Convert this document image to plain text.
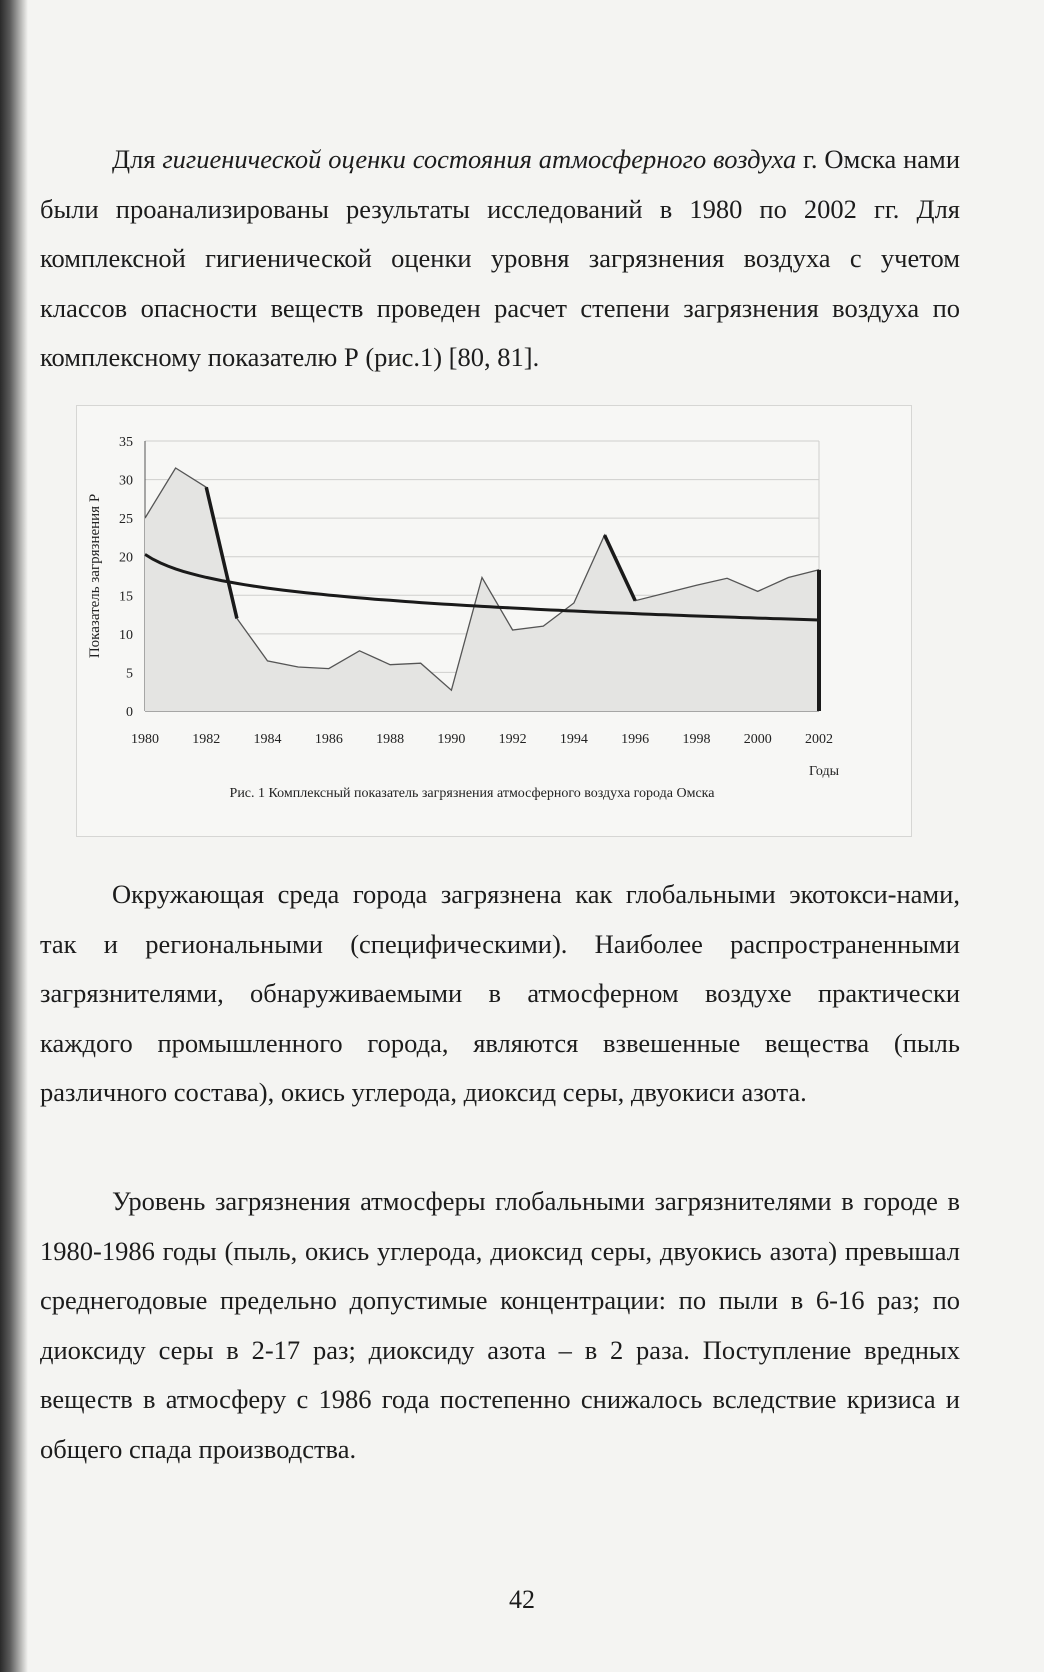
Для гигиенической оценки состояния атмосферного воздуха г. Омска нами были проанализированы результаты исследований в 1980 по 2002 гг. Для комплексной гигиенической оценки уровня загрязнения воздуха с учетом классов опасности веществ проведен расчет степени загрязнения воздуха по комплексному показателю Р (рис.1) [80, 81].

0
5
10
15
20
25
30
35
1980 1982 1984 1986 1988 1990 1992 1994 1996 1998 2000 2002
Показатель загрязнения Р
Годы
Рис. 1 Комплексный показатель загрязнения атмосферного воздуха города Омска

Окружающая среда города загрязнена как глобальными экотокси-нами, так и региональными (специфическими). Наиболее распространенными загрязнителями, обнаруживаемыми в атмосферном воздухе практически каждого промышленного города, являются взвешенные вещества (пыль различного состава), окись углерода, диоксид серы, двуокиси азота.

Уровень загрязнения атмосферы глобальными загрязнителями в городе в 1980-1986 годы (пыль, окись углерода, диоксид серы, двуокись азота) превышал среднегодовые предельно допустимые концентрации: по пыли в 6-16 раз; по диоксиду серы в 2-17 раз; диоксиду азота – в 2 раза. Поступление вредных веществ в атмосферу с 1986 года постепенно снижалось вследствие кризиса и общего спада производства.

42
